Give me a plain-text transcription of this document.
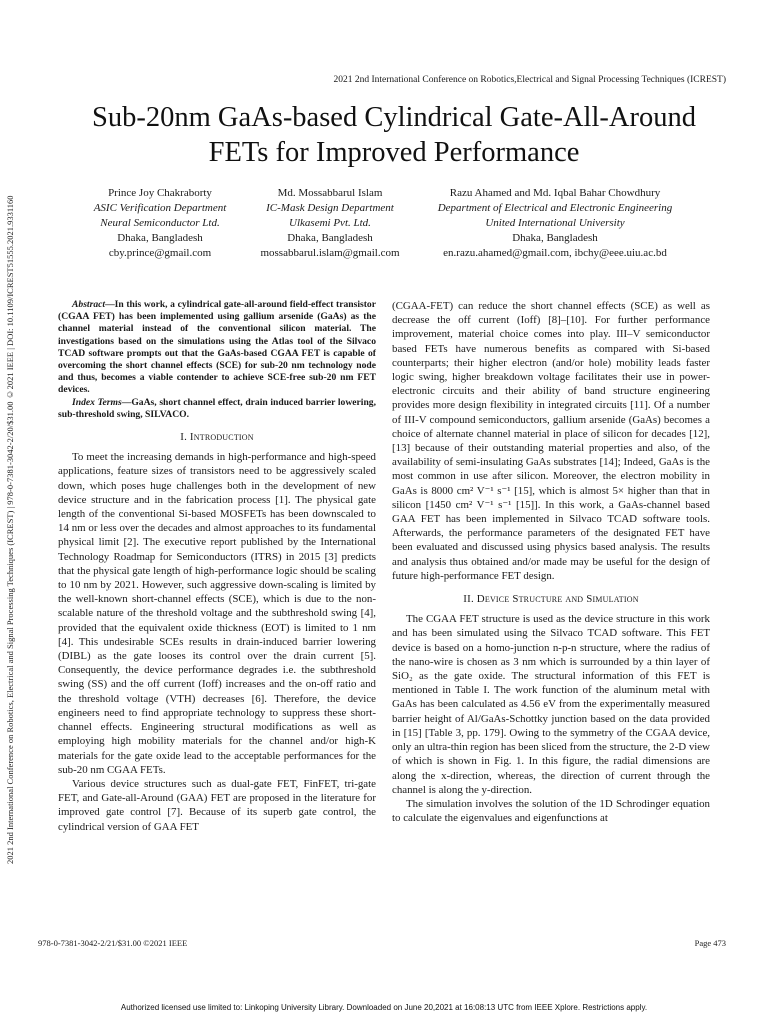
2021 2nd International Conference on Robotics,Electrical and Signal Processing Techniques (ICREST)
2021 2nd International Conference on Robotics, Electrical and Signal Processing Techniques (ICREST) | 978-0-7381-3042-2/20/$31.00 ©2021 IEEE | DOI: 10.1109/ICREST51555.2021.9331160
Sub-20nm GaAs-based Cylindrical Gate-All-Around
FETs for Improved Performance
Prince Joy Chakraborty
ASIC Verification Department
Neural Semiconductor Ltd.
Dhaka, Bangladesh
cby.prince@gmail.com
Md. Mossabbarul Islam
IC-Mask Design Department
Ulkasemi Pvt. Ltd.
Dhaka, Bangladesh
mossabbarul.islam@gmail.com
Razu Ahamed and Md. Iqbal Bahar Chowdhury
Department of Electrical and Electronic Engineering
United International University
Dhaka, Bangladesh
en.razu.ahamed@gmail.com, ibchy@eee.uiu.ac.bd

Abstract—In this work, a cylindrical gate-all-around field-effect transistor (CGAA FET) has been implemented using gallium arsenide (GaAs) as the channel material instead of the conventional silicon material. The investigations based on the simulations using the Atlas tool of the Silvaco TCAD software prompts out that the GaAs-based CGAA FET is capable of overcoming the short channel effects (SCE) for sub-20 nm technology node and thus, becomes a viable contender to achieve SCE-free sub-20 nm FET devices.

Index Terms—GaAs, short channel effect, drain induced barrier lowering, sub-threshold swing, SILVACO.

I. Introduction

To meet the increasing demands in high-performance and high-speed applications, feature sizes of transistors need to be aggressively scaled down, which poses huge challenges both in the development of new device structure and in the fabrication process [1]. The physical gate length of the conventional Si-based MOSFETs has been downscaled to 14 nm or less over the decades and almost approaches to its fundamental physical limit [2]. The executive report published by the International Technology Roadmap for Semiconductors (ITRS) in 2015 [3] predicts that the physical gate length of high-performance logic should be scaling to 10 nm by 2021. However, such aggressive down-scaling is limited by the well-known short-channel effects (SCE), which is due to the non-scalable nature of the threshold voltage and the subthreshold swing [4], provided that the equivalent oxide thickness (EOT) is limited to 1 nm [4]. This undesirable SCEs results in drain-induced barrier lowering (DIBL) as the gate looses its control over the drain current [5]. Consequently, the device performance degrades i.e. the subthreshold swing (SS) and the off current (Ioff) increases and the on-off ratio and the threshold voltage (VTH) decreases [6]. Therefore, the device engineers need to find appropriate technology to suppress these short-channel effects. Engineering structural modifications as well as employing high mobility materials for the channel and/or high-K materials for the gate oxide lead to the acceptable performances for the sub-20 nm CGAA FETs.

Various device structures such as dual-gate FET, FinFET, tri-gate FET, and Gate-all-Around (GAA) FET are proposed in the literature for improved gate control [7]. Because of its superb gate control, the cylindrical version of GAA FET

(CGAA-FET) can reduce the short channel effects (SCE) as well as decrease the off current (Ioff) [8]–[10]. For further performance improvement, material choice comes into play. III–V semiconductor based FETs have numerous benefits as compared with Si-based counterparts; their higher electron (and/or hole) mobility leads faster logic swing, higher breakdown voltage facilitates their use in power-electronic circuits and their ability of band structure engineering provides more design flexibility in integrated circuits [11]. Of a number of III-V compound semiconductors, gallium arsenide (GaAs) becomes a choice of alternate channel material in place of silicon for decades [12], [13] because of their outstanding material properties and also, of the availability of semi-insulating GaAs substrates [14]; Indeed, GaAs is the most common in use after silicon. Moreover, the electron mobility in GaAs is 8000 cm² V⁻¹ s⁻¹ [15], which is almost 5× higher than that in silicon [1450 cm² V⁻¹ s⁻¹ [15]]. In this work, a GaAs-channel based GAA FET has been implemented in Silvaco TCAD software tools. Afterwards, the performance parameters of the designated FET have been evaluated and discussed using physics based analysis. The results and analysis thus obtained and/or made may be useful for the design of future high-performance FET design.

II. Device Structure and Simulation

The CGAA FET structure is used as the device structure in this work and has been simulated using the Silvaco TCAD software. This FET device is based on a homo-junction n-p-n structure, where the radius of the nano-wire is chosen as 3 nm which is surrounded by a thin layer of SiO₂ as the gate oxide. The structural information of this FET is mentioned in Table I. The work function of the aluminum metal with GaAs has been calculated as 4.56 eV from the experimentally measured barrier height of Al/GaAs-Schottky junction based on the data provided in [15] [Table 3, pp. 179]. Owing to the symmetry of the CGAA device, only an ultra-thin region has been sliced from the structure, the 2-D view of which is shown in Fig. 1. In this figure, the radial dimensions are along the x-direction, whereas, the direction of current through the channel is along the y-direction.

The simulation involves the solution of the 1D Schrodinger equation to calculate the eigenvalues and eigenfunctions at

978-0-7381-3042-2/21/$31.00 ©2021 IEEE	Page 473
Authorized licensed use limited to: Linkoping University Library. Downloaded on June 20,2021 at 16:08:13 UTC from IEEE Xplore. Restrictions apply.
